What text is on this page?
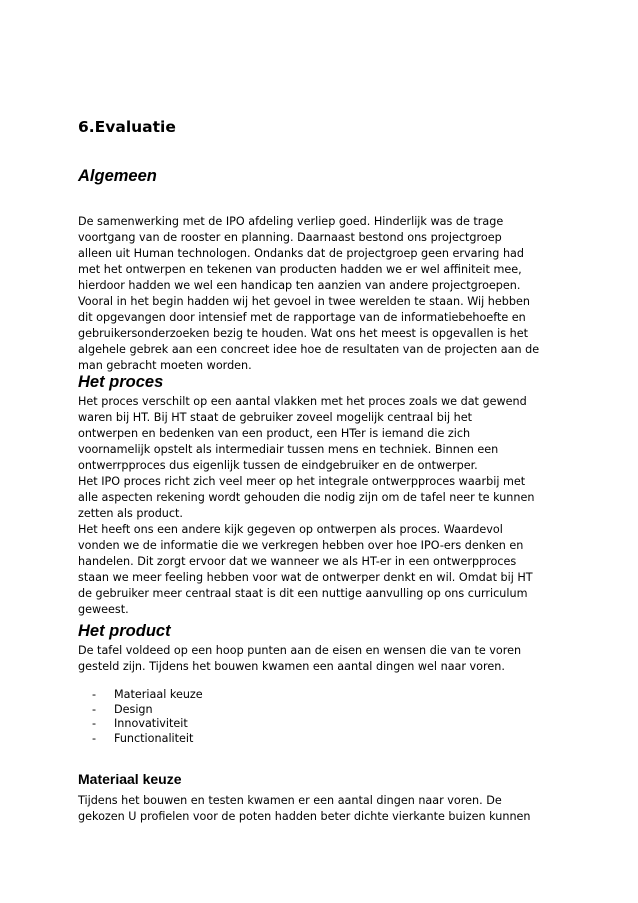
6.Evaluatie
Algemeen
De samenwerking met de IPO afdeling verliep goed. Hinderlijk was de trage
voortgang van de rooster en planning. Daarnaast bestond ons projectgroep
alleen uit Human technologen. Ondanks dat de projectgroep geen ervaring had
met het ontwerpen en tekenen van producten hadden we er wel affiniteit mee,
hierdoor hadden we wel een handicap ten aanzien van andere projectgroepen.
Vooral in het begin hadden wij het gevoel in twee werelden te staan. Wij hebben
dit opgevangen door intensief met de rapportage van de informatiebehoefte en
gebruikersonderzoeken bezig te houden. Wat ons het meest is opgevallen is het
algehele gebrek aan een concreet idee hoe de resultaten van de projecten aan de
man gebracht moeten worden.
Het proces
Het proces verschilt op een aantal vlakken met het proces zoals we dat gewend
waren bij HT. Bij HT staat de gebruiker zoveel mogelijk centraal bij het
ontwerpen en bedenken van een product, een HTer is iemand die zich
voornamelijk opstelt als intermediair tussen mens en techniek. Binnen een
ontwerrpproces dus eigenlijk tussen de eindgebruiker en de ontwerper.
Het IPO proces richt zich veel meer op het integrale ontwerpproces waarbij met
alle aspecten rekening wordt gehouden die nodig zijn om de tafel neer te kunnen
zetten als product.
Het heeft ons een andere kijk gegeven op ontwerpen als proces. Waardevol
vonden we de informatie die we verkregen hebben over hoe IPO-ers denken en
handelen. Dit zorgt ervoor dat we wanneer we als HT-er in een ontwerpproces
staan we meer feeling hebben voor wat de ontwerper denkt en wil. Omdat bij HT
de gebruiker meer centraal staat is dit een nuttige aanvulling op ons curriculum
geweest.
Het product
De tafel voldeed op een hoop punten aan de eisen en wensen die van te voren
gesteld zijn. Tijdens het bouwen kwamen een aantal dingen wel naar voren.
- Materiaal keuze
- Design
- Innovativiteit
- Functionaliteit
Materiaal keuze
Tijdens het bouwen en testen kwamen er een aantal dingen naar voren. De
gekozen U profielen voor de poten hadden beter dichte vierkante buizen kunnen
